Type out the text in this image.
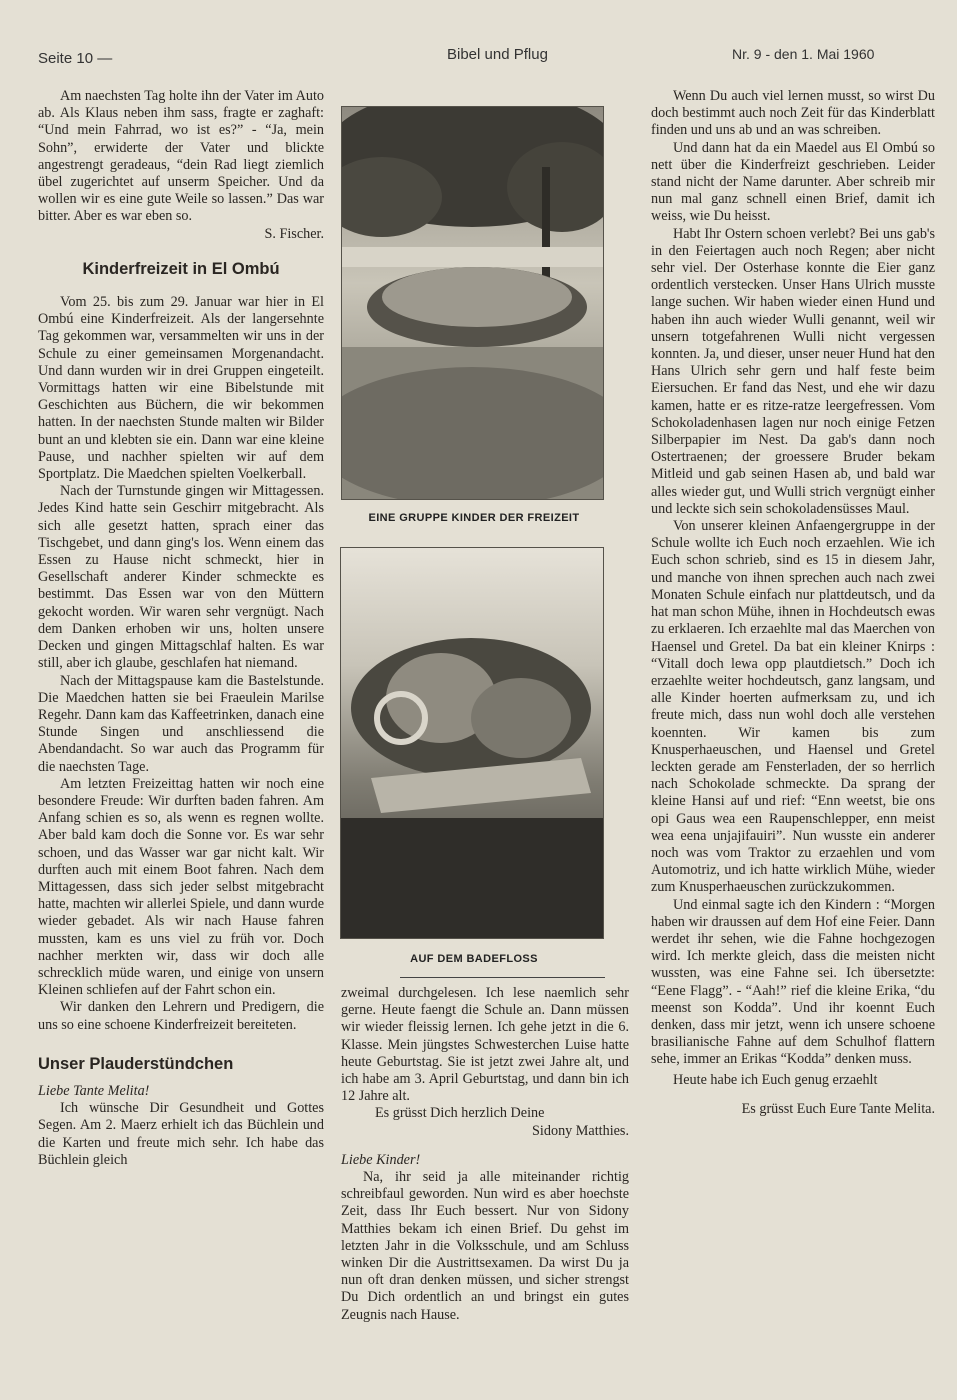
Seite 10 —	Bibel und Pflug	Nr. 9 - den 1. Mai 1960

Am naechsten Tag holte ihn der Vater im Auto ab. Als Klaus neben ihm sass, fragte er zaghaft: “Und mein Fahrrad, wo ist es?” - “Ja, mein Sohn”, erwiderte der Vater und blickte angestrengt geradeaus, “dein Rad liegt ziemlich übel zugerichtet auf unserm Speicher. Und da wollen wir es eine gute Weile so lassen.” Das war bitter. Aber es war eben so.

S. Fischer.

Kinderfreizeit in El Ombú

Vom 25. bis zum 29. Januar war hier in El Ombú eine Kinderfreizeit. Als der langersehnte Tag gekommen war, versammelten wir uns in der Schule zu einer gemeinsamen Morgenandacht. Und dann wurden wir in drei Gruppen eingeteilt. Vormittags hatten wir eine Bibelstunde mit Geschichten aus Büchern, die wir bekommen hatten. In der naechsten Stunde malten wir Bilder bunt an und klebten sie ein. Dann war eine kleine Pause, und nachher spielten wir auf dem Sportplatz. Die Maedchen spielten Voelkerball.

Nach der Turnstunde gingen wir Mittagessen. Jedes Kind hatte sein Geschirr mitgebracht. Als sich alle gesetzt hatten, sprach einer das Tischgebet, und dann ging's los. Wenn einem das Essen zu Hause nicht schmeckt, hier in Gesellschaft anderer Kinder schmeckte es bestimmt. Das Essen war von den Müttern gekocht worden. Wir waren sehr vergnügt. Nach dem Danken erhoben wir uns, holten unsere Decken und gingen Mittagschlaf halten. Es war still, aber ich glaube, geschlafen hat niemand.

Nach der Mittagspause kam die Bastelstunde. Die Maedchen hatten sie bei Fraeulein Marilse Regehr. Dann kam das Kaffeetrinken, danach eine Stunde Singen und anschliessend die Abendandacht. So war auch das Programm für die naechsten Tage.

Am letzten Freizeittag hatten wir noch eine besondere Freude: Wir durften baden fahren. Am Anfang schien es so, als wenn es regnen wollte. Aber bald kam doch die Sonne vor. Es war sehr schoen, und das Wasser war gar nicht kalt. Wir durften auch mit einem Boot fahren. Nach dem Mittagessen, dass sich jeder selbst mitgebracht hatte, machten wir allerlei Spiele, und dann wurde wieder gebadet. Als wir nach Hause fahren mussten, kam es uns viel zu früh vor. Doch nachher merkten wir, dass wir doch alle schrecklich müde waren, und einige von unsern Kleinen schliefen auf der Fahrt schon ein.

Wir danken den Lehrern und Predigern, die uns so eine schoene Kinderfreizeit bereiteten.

Unser Plauderstündchen

Liebe Tante Melita!

Ich wünsche Dir Gesundheit und Gottes Segen. Am 2. Maerz erhielt ich das Büchlein und die Karten und freute mich sehr. Ich habe das Büchlein gleich

EINE GRUPPE KINDER DER FREIZEIT
AUF DEM BADEFLOSS

zweimal durchgelesen. Ich lese naemlich sehr gerne. Heute faengt die Schule an. Dann müssen wir wieder fleissig lernen. Ich gehe jetzt in die 6. Klasse. Mein jüngstes Schwesterchen Luise hatte heute Geburtstag. Sie ist jetzt zwei Jahre alt, und ich habe am 3. April Geburtstag, und dann bin ich 12 Jahre alt.

Es grüsst Dich herzlich Deine

Sidony Matthies.

Liebe Kinder!

Na, ihr seid ja alle miteinander richtig schreibfaul geworden. Nun wird es aber hoechste Zeit, dass Ihr Euch bessert. Nur von Sidony Matthies bekam ich einen Brief. Du gehst im letzten Jahr in die Volksschule, und am Schluss winken Dir die Austrittsexamen. Da wirst Du ja nun oft dran denken müssen, und sicher strengst Du Dich ordentlich an und bringst ein gutes Zeugnis nach Hause.

Wenn Du auch viel lernen musst, so wirst Du doch bestimmt auch noch Zeit für das Kinderblatt finden und uns ab und an was schreiben.

Und dann hat da ein Maedel aus El Ombú so nett über die Kinderfreizt geschrieben. Leider stand nicht der Name darunter. Aber schreib mir nun mal ganz schnell einen Brief, damit ich weiss, wie Du heisst.

Habt Ihr Ostern schoen verlebt? Bei uns gab's in den Feiertagen auch noch Regen; aber nicht sehr viel. Der Osterhase konnte die Eier ganz ordentlich verstecken. Unser Hans Ulrich musste lange suchen. Wir haben wieder einen Hund und haben ihn auch wieder Wulli genannt, weil wir unsern totgefahrenen Wulli nicht vergessen konnten. Ja, und dieser, unser neuer Hund hat den Hans Ulrich sehr gern und half feste beim Eiersuchen. Er fand das Nest, und ehe wir dazu kamen, hatte er es ritze-ratze leergefressen. Vom Schokoladenhasen lagen nur noch einige Fetzen Silberpapier im Nest. Da gab's dann noch Ostertraenen; der groessere Bruder bekam Mitleid und gab seinen Hasen ab, und bald war alles wieder gut, und Wulli strich vergnügt einher und leckte sich sein schokoladensüsses Maul.

Von unserer kleinen Anfaengergruppe in der Schule wollte ich Euch noch erzaehlen. Wie ich Euch schon schrieb, sind es 15 in diesem Jahr, und manche von ihnen sprechen auch nach zwei Monaten Schule einfach nur plattdeutsch, und da hat man schon Mühe, ihnen in Hochdeutsch ewas zu erklaeren. Ich erzaehlte mal das Maerchen von Haensel und Gretel. Da bat ein kleiner Knirps : “Vitall doch lewa opp plautdietsch.” Doch ich erzaehlte weiter hochdeutsch, ganz langsam, und alle Kinder hoerten aufmerksam zu, und ich freute mich, dass nun wohl doch alle verstehen koennten. Wir kamen bis zum Knusperhaeuschen, und Haensel und Gretel leckten gerade am Fensterladen, der so herrlich nach Schokolade schmeckte. Da sprang der kleine Hansi auf und rief: “Enn weetst, bie ons opi Gaus wea een Raupenschlepper, enn meist wea eena unjajifauiri”. Nun wusste ein anderer noch was vom Traktor zu erzaehlen und vom Automotriz, und ich hatte wirklich Mühe, wieder zum Knusperhaeuschen zurückzukommen.

Und einmal sagte ich den Kindern : “Morgen haben wir draussen auf dem Hof eine Feier. Dann werdet ihr sehen, wie die Fahne hochgezogen wird. Ich merkte gleich, dass die meisten nicht wussten, was eine Fahne sei. Ich übersetzte: “Eene Flagg”. - “Aah!” rief die kleine Erika, “du meenst son Kodda”. Und ihr koennt Euch denken, dass mir jetzt, wenn ich unsere schoene brasilianische Fahne auf dem Schulhof flattern sehe, immer an Erikas “Kodda” denken muss.

Heute habe ich Euch genug erzaehlt

Es grüsst Euch Eure Tante Melita.
